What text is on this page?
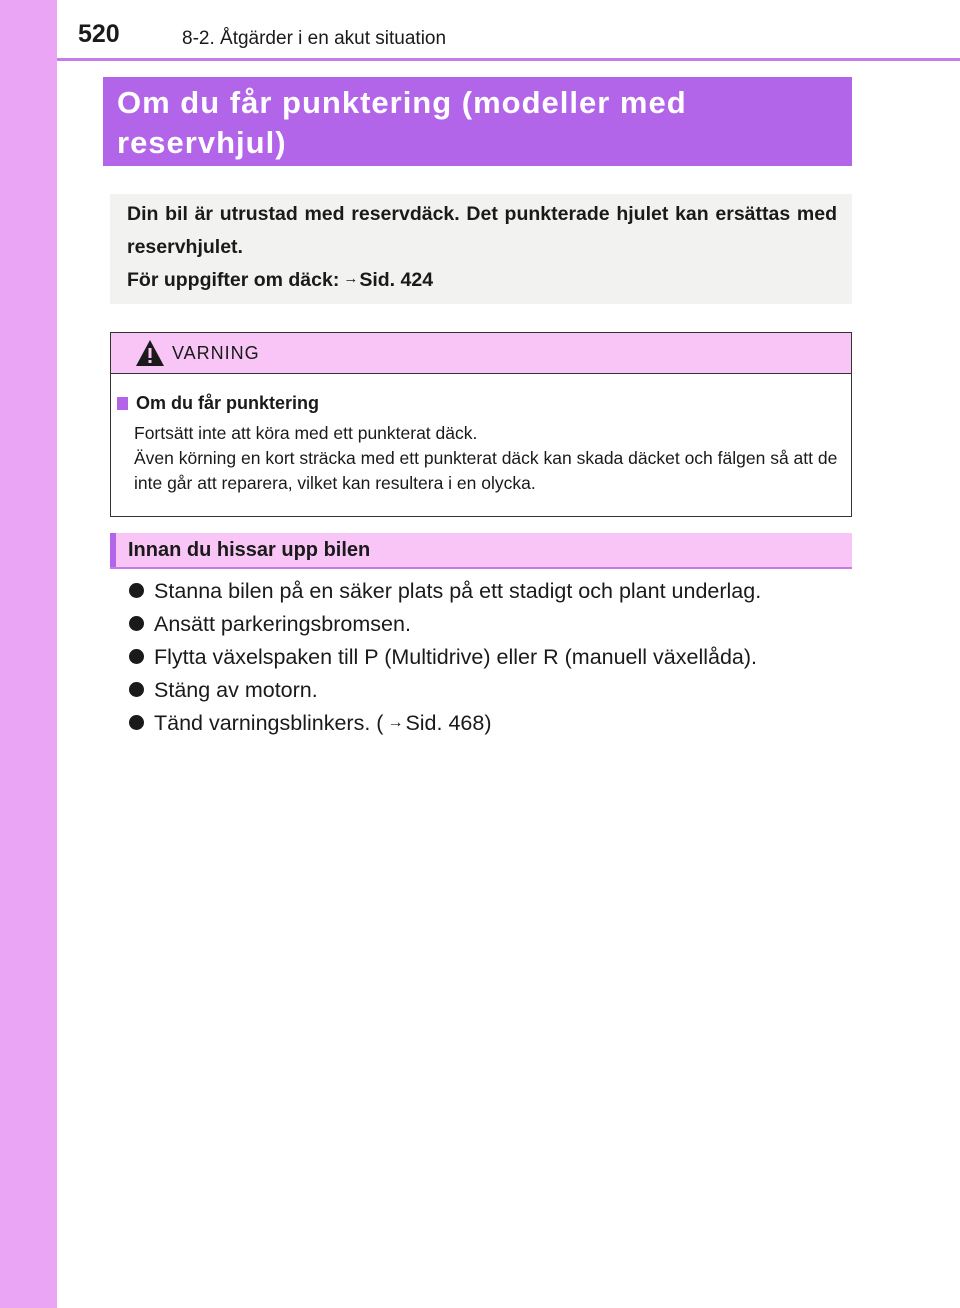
520	8-2. Åtgärder i en akut situation
Om du får punktering (modeller med reservhjul)
Din bil är utrustad med reservdäck. Det punkterade hjulet kan ersättas med reservhjulet.
För uppgifter om däck: →Sid. 424
VARNING
Om du får punktering
Fortsätt inte att köra med ett punkterat däck.
Även körning en kort sträcka med ett punkterat däck kan skada däcket och fälgen så att de inte går att reparera, vilket kan resultera i en olycka.
Innan du hissar upp bilen
Stanna bilen på en säker plats på ett stadigt och plant underlag.
Ansätt parkeringsbromsen.
Flytta växelspaken till P (Multidrive) eller R (manuell växellåda).
Stäng av motorn.
Tänd varningsblinkers. ( →Sid. 468)
